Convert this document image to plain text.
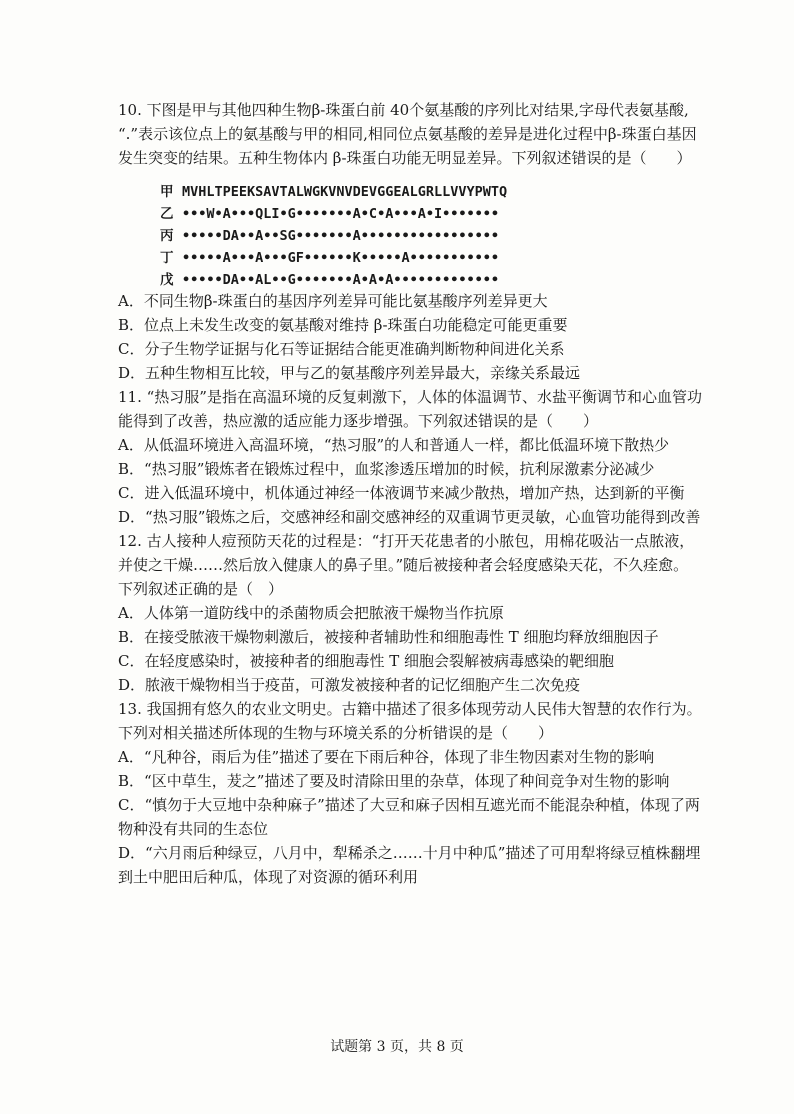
10. 下图是甲与其他四种生物β-珠蛋白前 40个氨基酸的序列比对结果,字母代表氨基酸,
“.”表示该位点上的氨基酸与甲的相同,相同位点氨基酸的差异是进化过程中β-珠蛋白基因
发生突变的结果。五种生物体内 β-珠蛋白功能无明显差异。下列叙述错误的是（　　）
甲 MVHLTPEEKSAVTALWGKVNVDEVGGEALGRLLVVYPWTQ
乙 •••W•A•••QLI•G•••••••A•C•A•••A•I•••••••
丙 •••••DA••A••SG•••••••A•••••••••••••••••
丁 •••••A•••A•••GF••••••K•••••A•••••••••••
戊 •••••DA••AL••G•••••••A•A•A•••••••••••••
A．不同生物β-珠蛋白的基因序列差异可能比氨基酸序列差异更大
B．位点上未发生改变的氨基酸对维持 β-珠蛋白功能稳定可能更重要
C．分子生物学证据与化石等证据结合能更准确判断物种间进化关系
D．五种生物相互比较，甲与乙的氨基酸序列差异最大，亲缘关系最远
11. “热习服”是指在高温环境的反复刺激下，人体的体温调节、水盐平衡调节和心血管功
能得到了改善，热应激的适应能力逐步增强。下列叙述错误的是（　　）
A．从低温环境进入高温环境，“热习服”的人和普通人一样，都比低温环境下散热少
B．“热习服”锻炼者在锻炼过程中，血浆渗透压增加的时候，抗利尿激素分泌减少
C．进入低温环境中，机体通过神经一体液调节来减少散热，增加产热，达到新的平衡
D．“热习服”锻炼之后，交感神经和副交感神经的双重调节更灵敏，心血管功能得到改善
12. 古人接种人痘预防天花的过程是：“打开天花患者的小脓包，用棉花吸沾一点脓液，
并使之干燥……然后放入健康人的鼻子里。”随后被接种者会轻度感染天花，不久痊愈。
下列叙述正确的是（　）
A．人体第一道防线中的杀菌物质会把脓液干燥物当作抗原
B．在接受脓液干燥物刺激后，被接种者辅助性和细胞毒性 T 细胞均释放细胞因子
C．在轻度感染时，被接种者的细胞毒性 T 细胞会裂解被病毒感染的靶细胞
D．脓液干燥物相当于疫苗，可激发被接种者的记忆细胞产生二次免疫
13. 我国拥有悠久的农业文明史。古籍中描述了很多体现劳动人民伟大智慧的农作行为。
下列对相关描述所体现的生物与环境关系的分析错误的是（　　）
A．“凡种谷，雨后为佳”描述了要在下雨后种谷，体现了非生物因素对生物的影响
B．“区中草生，茇之”描述了要及时清除田里的杂草，体现了种间竞争对生物的影响
C．“慎勿于大豆地中杂种麻子”描述了大豆和麻子因相互遮光而不能混杂种植，体现了两
物种没有共同的生态位
D．“六月雨后种绿豆，八月中，犁稀杀之……十月中种瓜”描述了可用犁将绿豆植株翻埋
到土中肥田后种瓜，体现了对资源的循环利用
试题第 3 页，共 8 页
